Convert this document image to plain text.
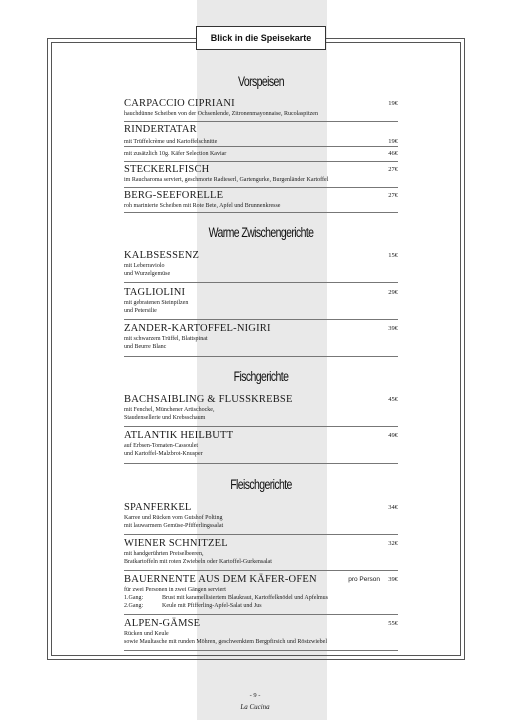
Blick in die Speisekarte
Vorspeisen
CARPACCIO CIPRIANI	19€
hauchdünne Scheiben von der Ochsenlende, Zitronenmayonnaise, Rucolaspitzen
RINDERTATAR
mit Trüffelcrème und Kartoffelschnitte	19€
mit zusätzlich 10g. Käfer Selection Kaviar	46€
STECKERLFISCH	27€
im Raucharoma serviert, geschmorte Radieserl, Gartengurke, Burgenländer Kartoffel
BERG-SEEFORELLE	27€
roh marinierte Scheiben mit Rote Bete, Apfel und Brunnenkresse
Warme Zwischengerichte
KALBSESSENZ	15€
mit Leberraviolo
und Wurzelgemüse
TAGLIOLINI	29€
mit gebratenen Steinpilzen
und Petersilie
ZANDER-KARTOFFEL-NIGIRI	39€
mit schwarzem Trüffel, Blattspinat
und Beurre Blanc
Fischgerichte
BACHSAIBLING & FLUSSKREBSE	45€
mit Fenchel, Münchener Artischocke,
Staudensellerie und Krebsschaum
ATLANTIK HEILBUTT	49€
auf Erbsen-Tomaten-Cassoulet
und Kartoffel-Malzbrot-Knusper
Fleischgerichte
SPANFERKEL	34€
Karree und Rücken vom Gutshof Polting
mit lauwarmem Gemüse-Pfifferlingssalat
WIENER SCHNITZEL	32€
mit handgerührten Preiselbeeren,
Bratkartoffeln mit roten Zwiebeln oder Kartoffel-Gurkensalat
BAUERNENTE AUS DEM KÄFER-OFEN	pro Person 39€
für zwei Personen in zwei Gängen serviert
1.Gang:	Brust mit karamellisiertem Blaukraut, Kartoffelknödel und Apfelmus
2.Gang:	Keule mit Pfifferling-Apfel-Salat und Jus
ALPEN-GÄMSE	55€
Rücken und Keule
sowie Maultasche mit runden Möhren, geschwenktem Bergpfirsich und Röstzwiebel
- 9 -
La Cucina
